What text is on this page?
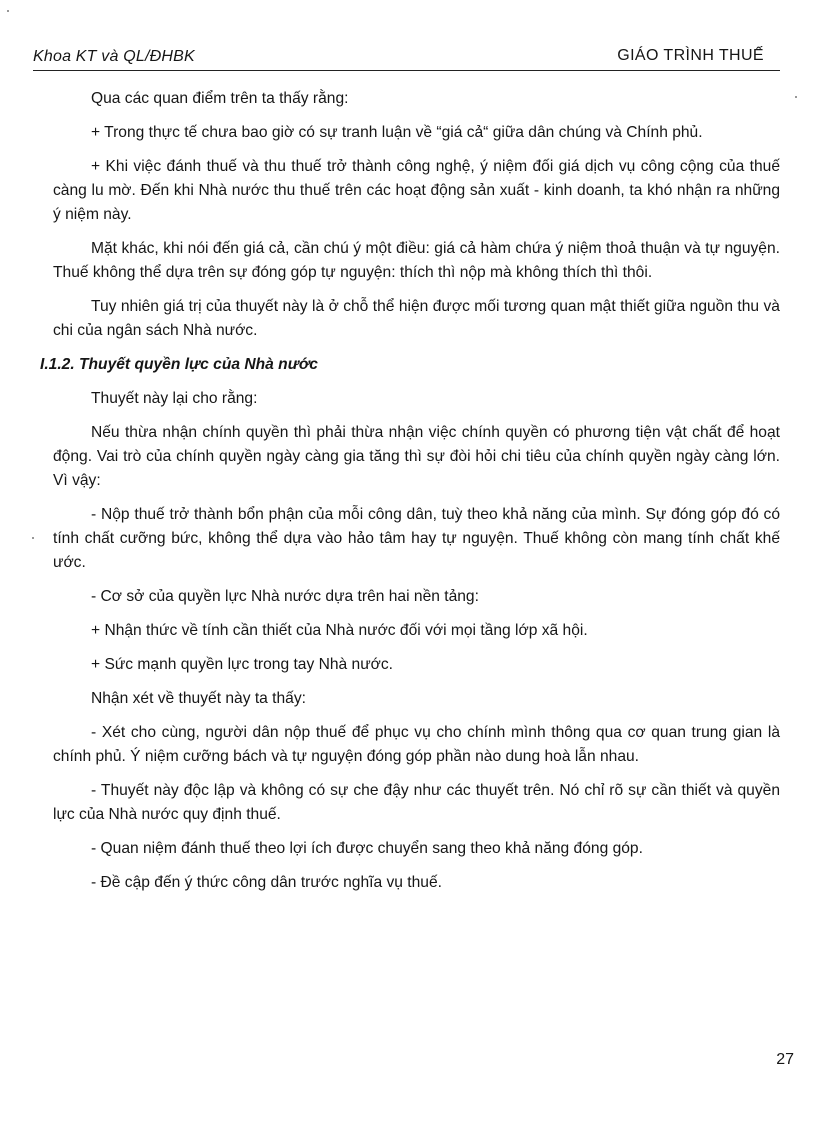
Khoa KT và QL/ĐHBK	GIÁO TRÌNH THUẾ

Qua các quan điểm trên ta thấy rằng:

+ Trong thực tế chưa bao giờ có sự tranh luận về “giá cả“ giữa dân chúng và Chính phủ.

+ Khi việc đánh thuế và thu thuế trở thành công nghệ, ý niệm đối giá dịch vụ công cộng của thuế càng lu mờ. Đến khi Nhà nước thu thuế trên các hoạt động sản xuất - kinh doanh, ta khó nhận ra những ý niệm này.

Mặt khác, khi nói đến giá cả, cần chú ý một điều: giá cả hàm chứa ý niệm thoả thuận và tự nguyện. Thuế không thể dựa trên sự đóng góp tự nguyện: thích thì nộp mà không thích thì thôi.

Tuy nhiên giá trị của thuyết này là ở chỗ thể hiện được mối tương quan mật thiết giữa nguồn thu và chi của ngân sách Nhà nước.

I.1.2. Thuyết quyền lực của Nhà nước

Thuyết này lại cho rằng:

Nếu thừa nhận chính quyền thì phải thừa nhận việc chính quyền có phương tiện vật chất để hoạt động. Vai trò của chính quyền ngày càng gia tăng thì sự đòi hỏi chi tiêu của chính quyền ngày càng lớn. Vì vậy:

- Nộp thuế trở thành bổn phận của mỗi công dân, tuỳ theo khả năng của mình. Sự đóng góp đó có tính chất cưỡng bức, không thể dựa vào hảo tâm hay tự nguyện. Thuế không còn mang tính chất khế ước.

- Cơ sở của quyền lực Nhà nước dựa trên hai nền tảng:

+ Nhận thức về tính cần thiết của Nhà nước đối với mọi tầng lớp xã hội.

+ Sức mạnh quyền lực trong tay Nhà nước.

Nhận xét về thuyết này ta thấy:

- Xét cho cùng, người dân nộp thuế để phục vụ cho chính mình thông qua cơ quan trung gian là chính phủ. Ý niệm cưỡng bách và tự nguyện đóng góp phần nào dung hoà lẫn nhau.

- Thuyết này độc lập và không có sự che đậy như các thuyết trên. Nó chỉ rõ sự cần thiết và quyền lực của Nhà nước quy định thuế.

- Quan niệm đánh thuế theo lợi ích được chuyển sang theo khả năng đóng góp.

- Đề cập đến ý thức công dân trước nghĩa vụ thuế.

27
